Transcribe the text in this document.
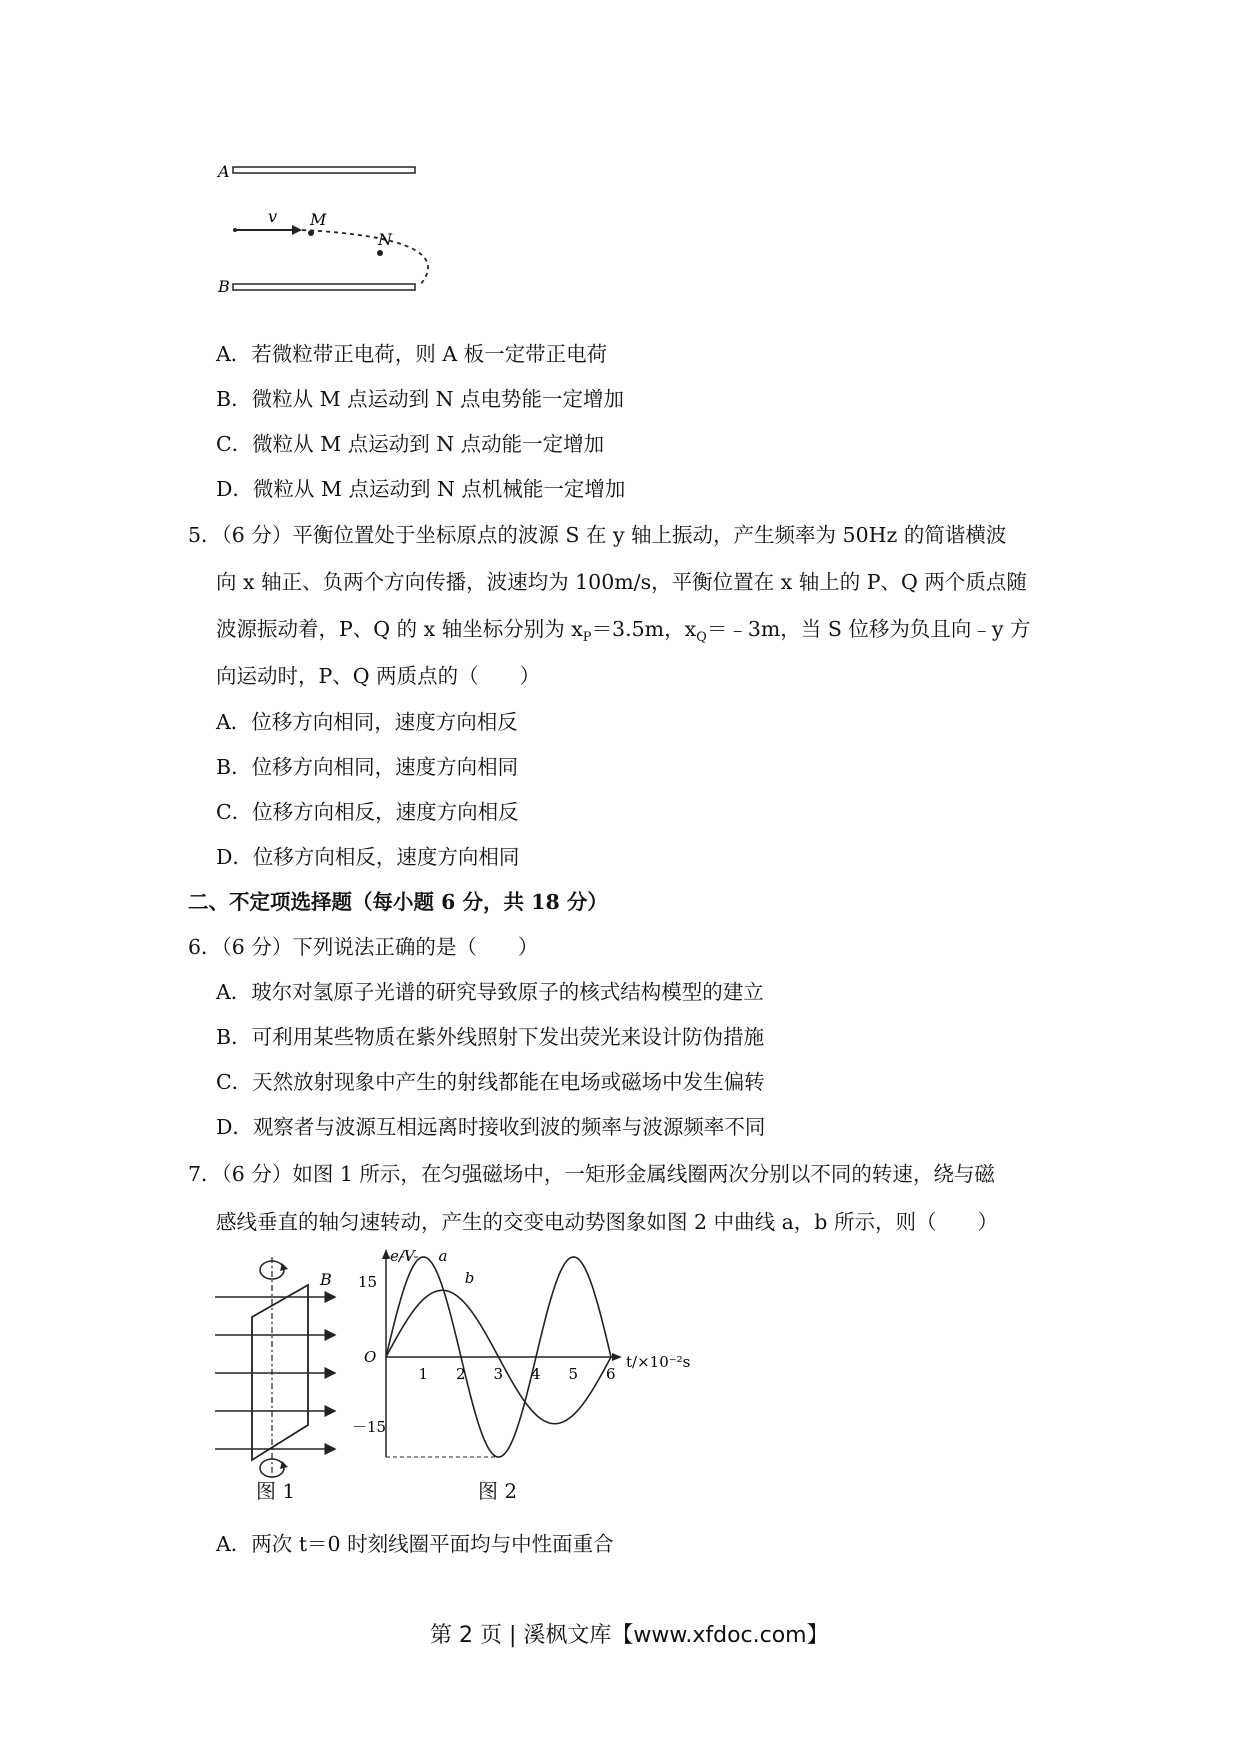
A
v M
N
B
A．若微粒带正电荷，则 A 板一定带正电荷
B．微粒从 M 点运动到 N 点电势能一定增加
C．微粒从 M 点运动到 N 点动能一定增加
D．微粒从 M 点运动到 N 点机械能一定增加
5．（6 分）平衡位置处于坐标原点的波源 S 在 y 轴上振动，产生频率为 50Hz 的简谐横波
向 x 轴正、负两个方向传播，波速均为 100m/s，平衡位置在 x 轴上的 P、Q 两个质点随
波源振动着，P、Q 的 x 轴坐标分别为 $x_P=3.5m$，$x_Q=﹣3m$，当 S 位移为负且向﹣y 方
向运动时，P、Q 两质点的（　　）
A．位移方向相同，速度方向相反
B．位移方向相同，速度方向相同
C．位移方向相反，速度方向相反
D．位移方向相反，速度方向相同
二、不定项选择题（每小题 6 分，共 18 分）
6．（6 分）下列说法正确的是（　　）
A．玻尔对氢原子光谱的研究导致原子的核式结构模型的建立
B．可利用某些物质在紫外线照射下发出荧光来设计防伪措施
C．天然放射现象中产生的射线都能在电场或磁场中发生偏转
D．观察者与波源互相远离时接收到波的频率与波源频率不同
7．（6 分）如图 1 所示，在匀强磁场中，一矩形金属线圈两次分别以不同的转速，绕与磁
感线垂直的轴匀速转动，产生的交变电动势图象如图 2 中曲线 a，b 所示，则（　　）
B
图 1
e/V
t/×10⁻²s
O
15
－15
1 2 3 4 5 6
a
b
图 2
A．两次 t＝0 时刻线圈平面均与中性面重合
第 2 页 | 溪枫文库【www.xfdoc.com】
